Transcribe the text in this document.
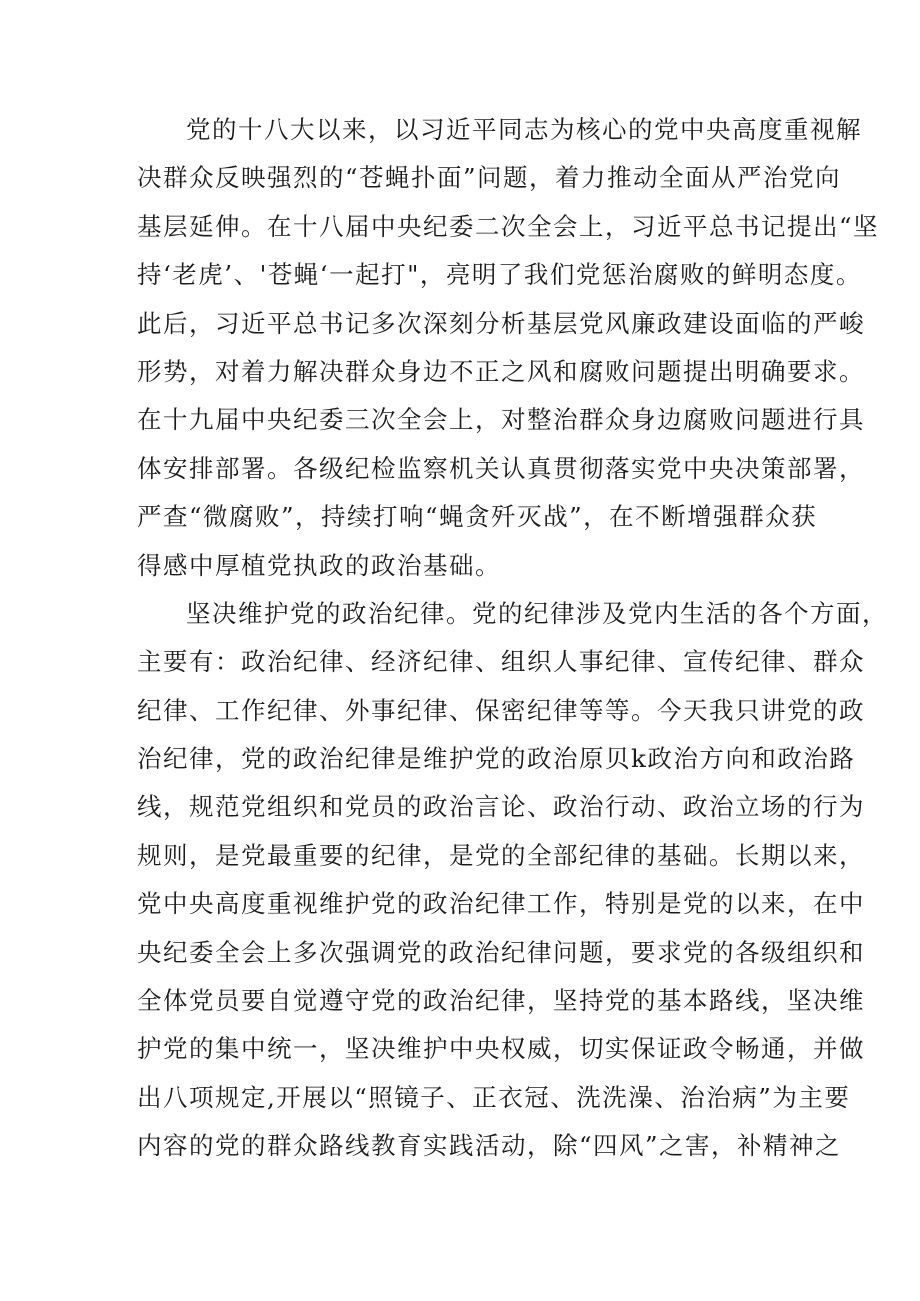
党的十八大以来，以习近平同志为核心的党中央高度重视解
决群众反映强烈的“苍蝇扑面”问题，着力推动全面从严治党向
基层延伸。在十八届中央纪委二次全会上，习近平总书记提出“坚
持‘老虎’、'苍蝇‘一起打"，亮明了我们党惩治腐败的鲜明态度。
此后，习近平总书记多次深刻分析基层党风廉政建设面临的严峻
形势，对着力解决群众身边不正之风和腐败问题提出明确要求。
在十九届中央纪委三次全会上，对整治群众身边腐败问题进行具
体安排部署。各级纪检监察机关认真贯彻落实党中央决策部署，
严查“微腐败”，持续打响“蝇贪歼灭战”，在不断增强群众获
得感中厚植党执政的政治基础。
坚决维护党的政治纪律。党的纪律涉及党内生活的各个方面，
主要有：政治纪律、经济纪律、组织人事纪律、宣传纪律、群众
纪律、工作纪律、外事纪律、保密纪律等等。今天我只讲党的政
治纪律，党的政治纪律是维护党的政治原贝k政治方向和政治路
线，规范党组织和党员的政治言论、政治行动、政治立场的行为
规则，是党最重要的纪律，是党的全部纪律的基础。长期以来，
党中央高度重视维护党的政治纪律工作，特别是党的以来，在中
央纪委全会上多次强调党的政治纪律问题，要求党的各级组织和
全体党员要自觉遵守党的政治纪律，坚持党的基本路线，坚决维
护党的集中统一，坚决维护中央权威，切实保证政令畅通，并做
出八项规定,开展以“照镜子、正衣冠、洗洗澡、治治病”为主要
内容的党的群众路线教育实践活动，除“四风”之害，补精神之
